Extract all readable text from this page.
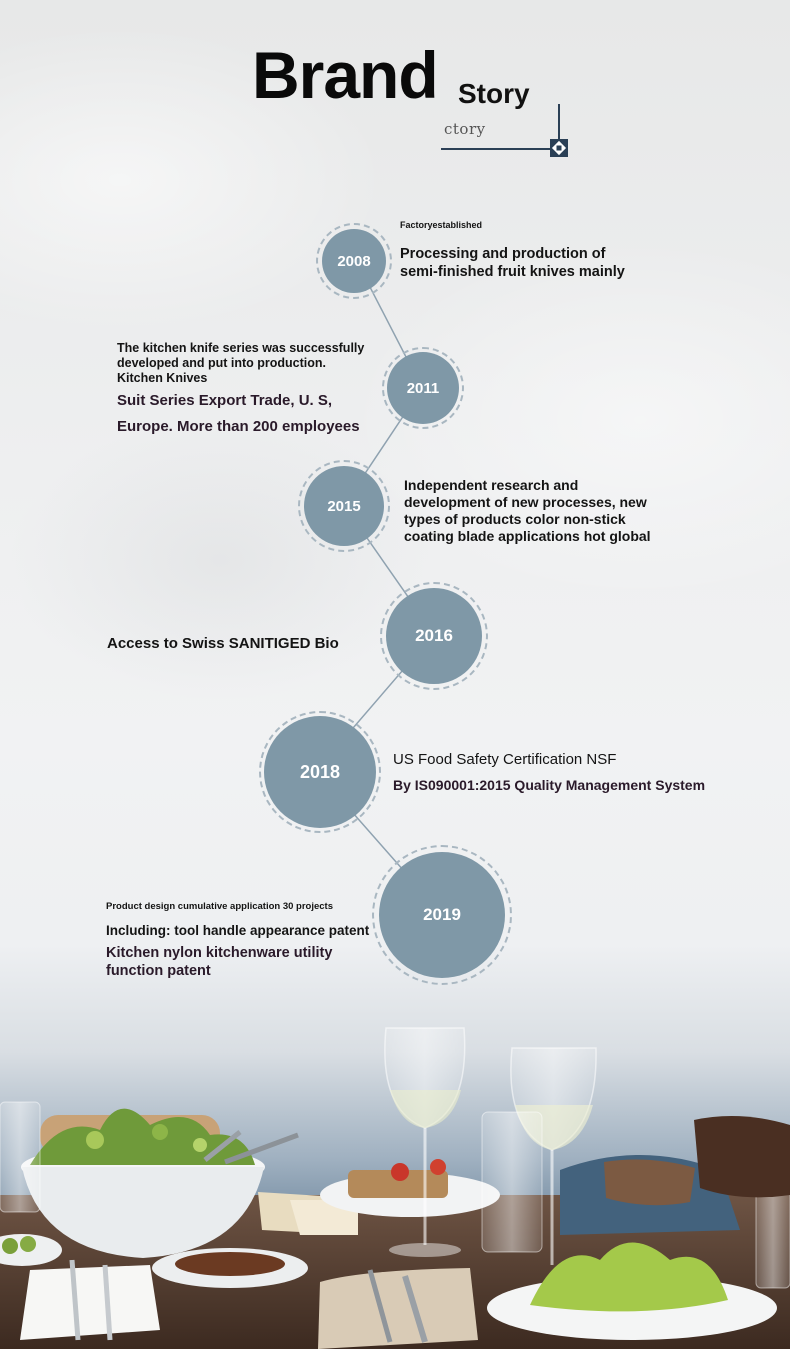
Brand Story
ctory
2008
Factoryestablished
Processing and production of
semi-finished fruit knives mainly
2011
The kitchen knife series was successfully
developed and put into production.
Kitchen Knives
Suit Series Export Trade, U. S,
Europe. More than 200 employees
2015
Independent research and
development of new processes, new
types of products color non-stick
coating blade applications hot global
2016
Access to Swiss SANITIGED Bio
2018
US Food Safety Certification NSF
By IS090001:2015 Quality Management System
2019
Product design cumulative application 30 projects
Including: tool handle appearance patent
Kitchen nylon kitchenware utility
function patent
